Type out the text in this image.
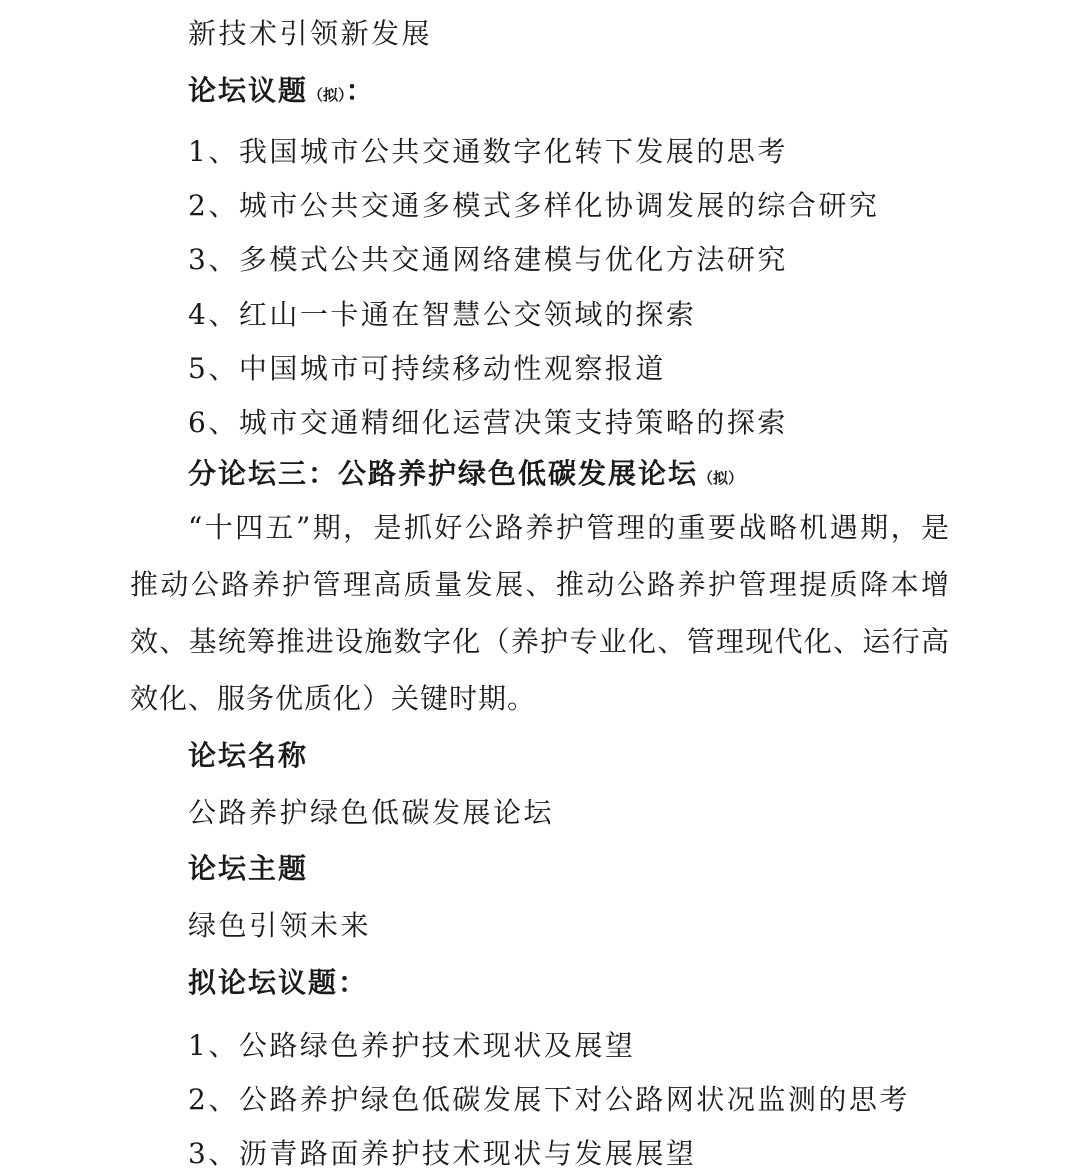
新技术引领新发展
论坛议题（拟）：
1、我国城市公共交通数字化转下发展的思考
2、城市公共交通多模式多样化协调发展的综合研究
3、多模式公共交通网络建模与优化方法研究
4、红山一卡通在智慧公交领域的探索
5、中国城市可持续移动性观察报道
6、城市交通精细化运营决策支持策略的探索
分论坛三：公路养护绿色低碳发展论坛（拟）
“十四五”期，是抓好公路养护管理的重要战略机遇期，是
推动公路养护管理高质量发展、推动公路养护管理提质降本增
效、基统筹推进设施数字化（养护专业化、管理现代化、运行高
效化、服务优质化）关键时期。
论坛名称
公路养护绿色低碳发展论坛
论坛主题
绿色引领未来
拟论坛议题：
1、公路绿色养护技术现状及展望
2、公路养护绿色低碳发展下对公路网状况监测的思考
3、沥青路面养护技术现状与发展展望
